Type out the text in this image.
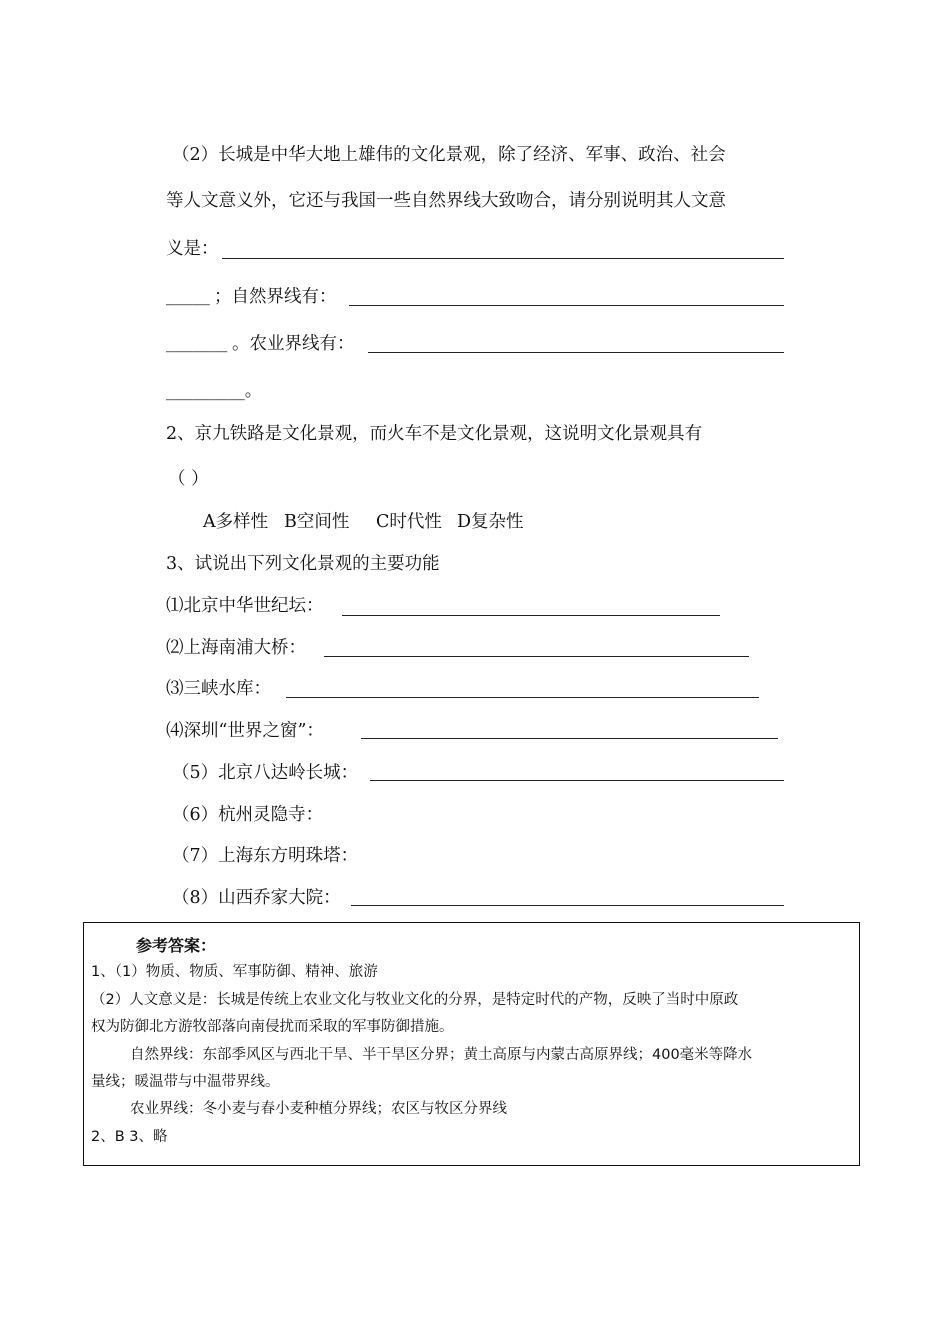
（2）长城是中华大地上雄伟的文化景观，除了经济、军事、政治、社会
等人文意义外，它还与我国一些自然界线大致吻合，请分别说明其人文意
义是：
_____ ；自然界线有：
_______ 。农业界线有：
_________。
2、京九铁路是文化景观，而火车不是文化景观，这说明文化景观具有
（ ）
A多样性 B空间性 C时代性 D复杂性
3、试说出下列文化景观的主要功能
⑴北京中华世纪坛：
⑵上海南浦大桥：
⑶三峡水库：
⑷深圳“世界之窗”：
（5）北京八达岭长城：
（6）杭州灵隐寺：
（7）上海东方明珠塔：
（8）山西乔家大院：
参考答案：
1、（1）物质、物质、军事防御、精神、旅游
（2）人文意义是：长城是传统上农业文化与牧业文化的分界，是特定时代的产物，反映了当时中原政
权为防御北方游牧部落向南侵扰而采取的军事防御措施。
自然界线：东部季风区与西北干旱、半干旱区分界；黄土高原与内蒙古高原界线；400毫米等降水
量线；暖温带与中温带界线。
农业界线：冬小麦与春小麦种植分界线；农区与牧区分界线
2、B 3、略
